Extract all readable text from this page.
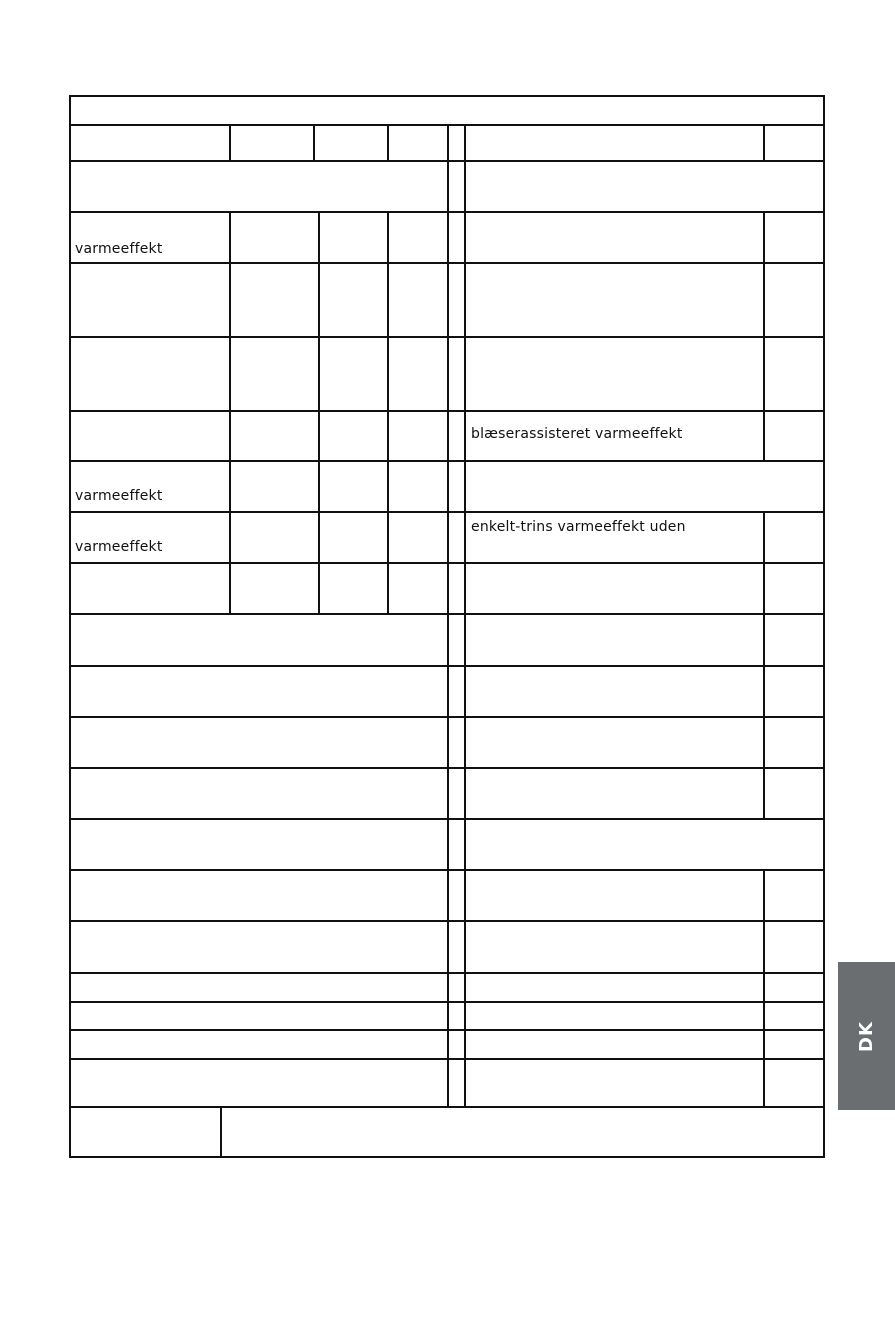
varmeeffekt
blæserassisteret varmeeffekt
varmeeffekt
varmeeffekt
enkelt-trins varmeeffekt uden
DK
